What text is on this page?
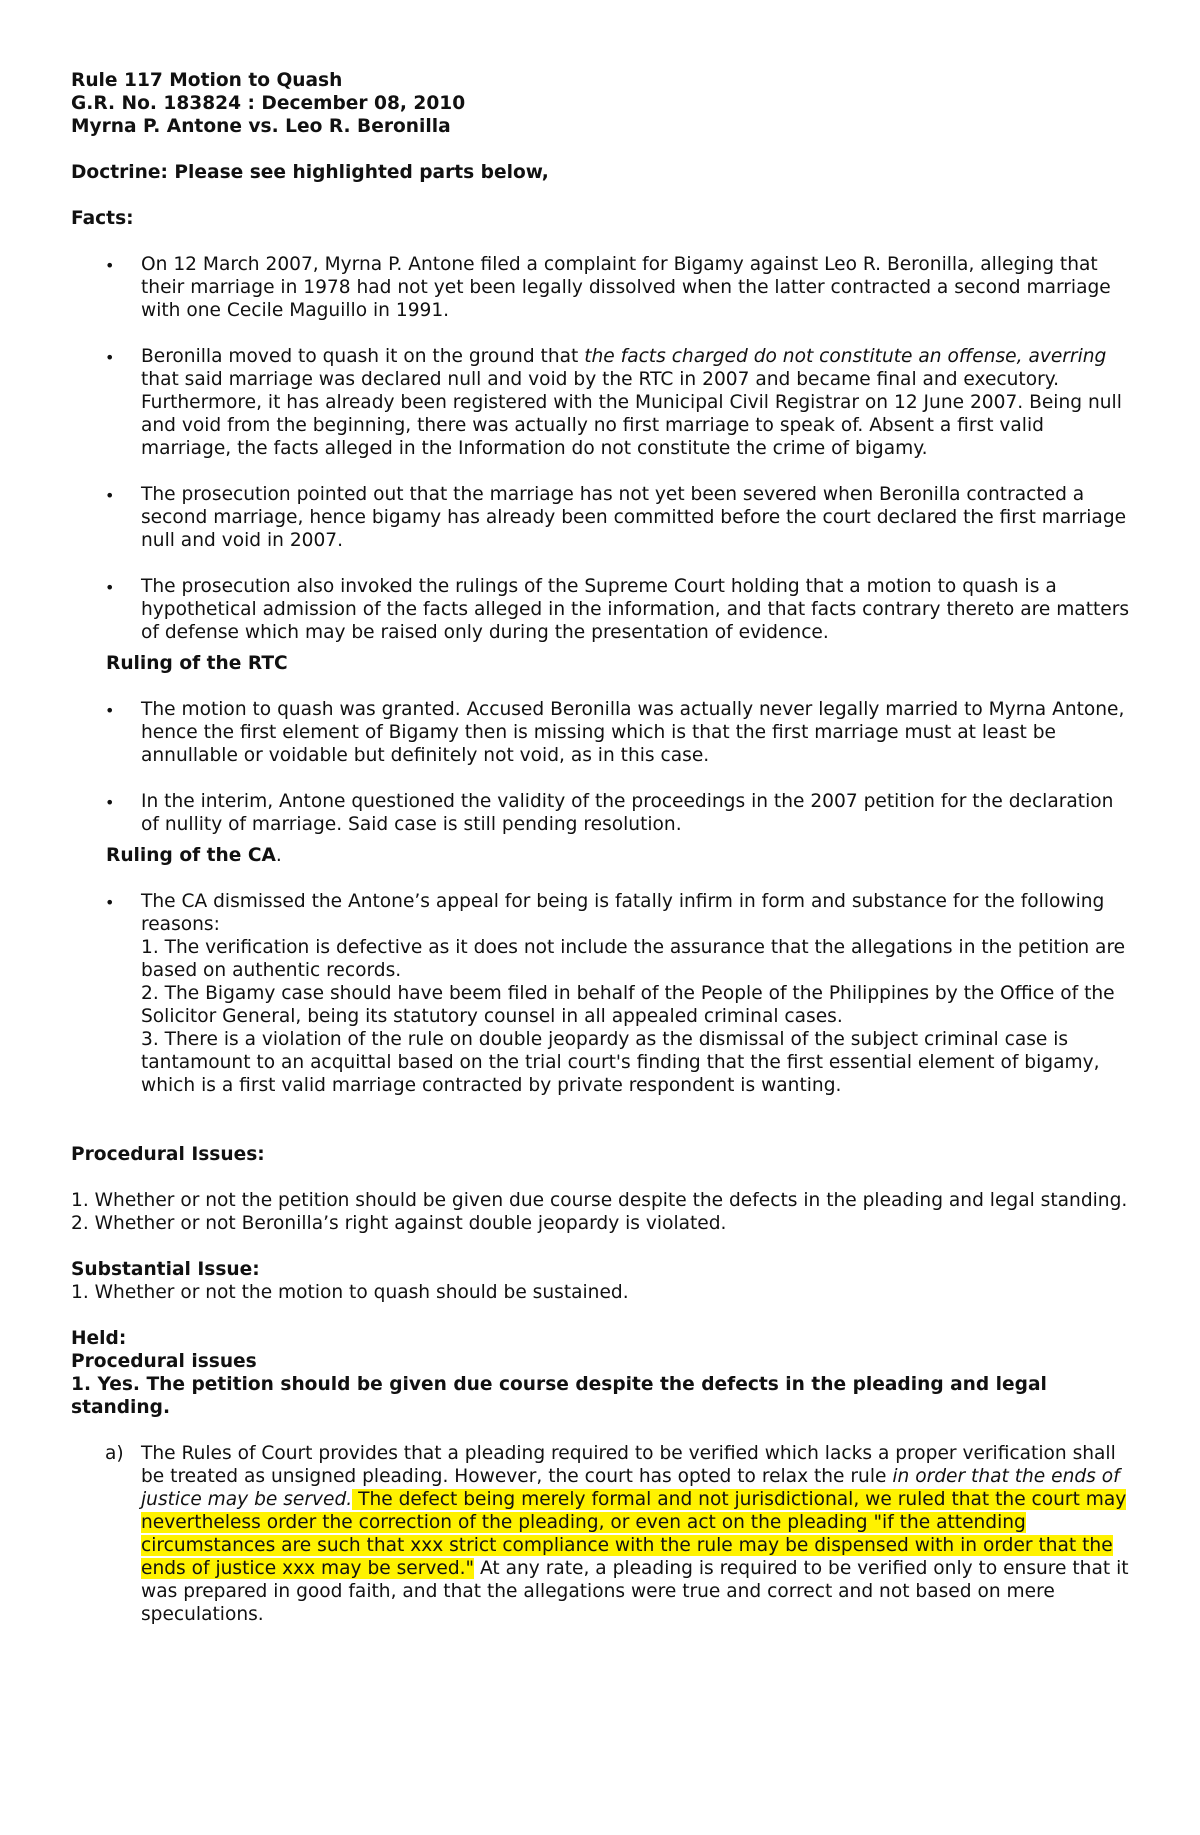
Rule 117 Motion to Quash

G.R. No. 183824 : December 08, 2010

Myrna P. Antone vs. Leo R. Beronilla

Doctrine: Please see highlighted parts below,

Facts:

• On 12 March 2007, Myrna P. Antone filed a complaint for Bigamy against Leo R. Beronilla, alleging that their marriage in 1978 had not yet been legally dissolved when the latter contracted a second marriage with one Cecile Maguillo in 1991.
• Beronilla moved to quash it on the ground that the facts charged do not constitute an offense, averring that said marriage was declared null and void by the RTC in 2007 and became final and executory. Furthermore, it has already been registered with the Municipal Civil Registrar on 12 June 2007. Being null and void from the beginning, there was actually no first marriage to speak of. Absent a first valid marriage, the facts alleged in the Information do not constitute the crime of bigamy.
• The prosecution pointed out that the marriage has not yet been severed when Beronilla contracted a second marriage, hence bigamy has already been committed before the court declared the first marriage null and void in 2007.
• The prosecution also invoked the rulings of the Supreme Court holding that a motion to quash is a hypothetical admission of the facts alleged in the information, and that facts contrary thereto are matters of defense which may be raised only during the presentation of evidence.

Ruling of the RTC

• The motion to quash was granted. Accused Beronilla was actually never legally married to Myrna Antone, hence the first element of Bigamy then is missing which is that the first marriage must at least be annullable or voidable but definitely not void, as in this case.
• In the interim, Antone questioned the validity of the proceedings in the 2007 petition for the declaration of nullity of marriage. Said case is still pending resolution.

Ruling of the CA.

• The CA dismissed the Antone’s appeal for being is fatally infirm in form and substance for the following reasons:
1. The verification is defective as it does not include the assurance that the allegations in the petition are based on authentic records.
2. The Bigamy case should have beem filed in behalf of the People of the Philippines by the Office of the Solicitor General, being its statutory counsel in all appealed criminal cases.
3. There is a violation of the rule on double jeopardy as the dismissal of the subject criminal case is tantamount to an acquittal based on the trial court's finding that the first essential element of bigamy, which is a first valid marriage contracted by private respondent is wanting.

Procedural Issues:

1. Whether or not the petition should be given due course despite the defects in the pleading and legal standing.

2. Whether or not Beronilla’s right against double jeopardy is violated.

Substantial Issue:

1. Whether or not the motion to quash should be sustained.

Held:

Procedural issues

1. Yes. The petition should be given due course despite the defects in the pleading and legal standing.

a) The Rules of Court provides that a pleading required to be verified which lacks a proper verification shall be treated as unsigned pleading. However, the court has opted to relax the rule in order that the ends of justice may be served. The defect being merely formal and not jurisdictional, we ruled that the court may nevertheless order the correction of the pleading, or even act on the pleading "if the attending circumstances are such that xxx strict compliance with the rule may be dispensed with in order that the ends of justice xxx may be served." At any rate, a pleading is required to be verified only to ensure that it was prepared in good faith, and that the allegations were true and correct and not based on mere speculations.
